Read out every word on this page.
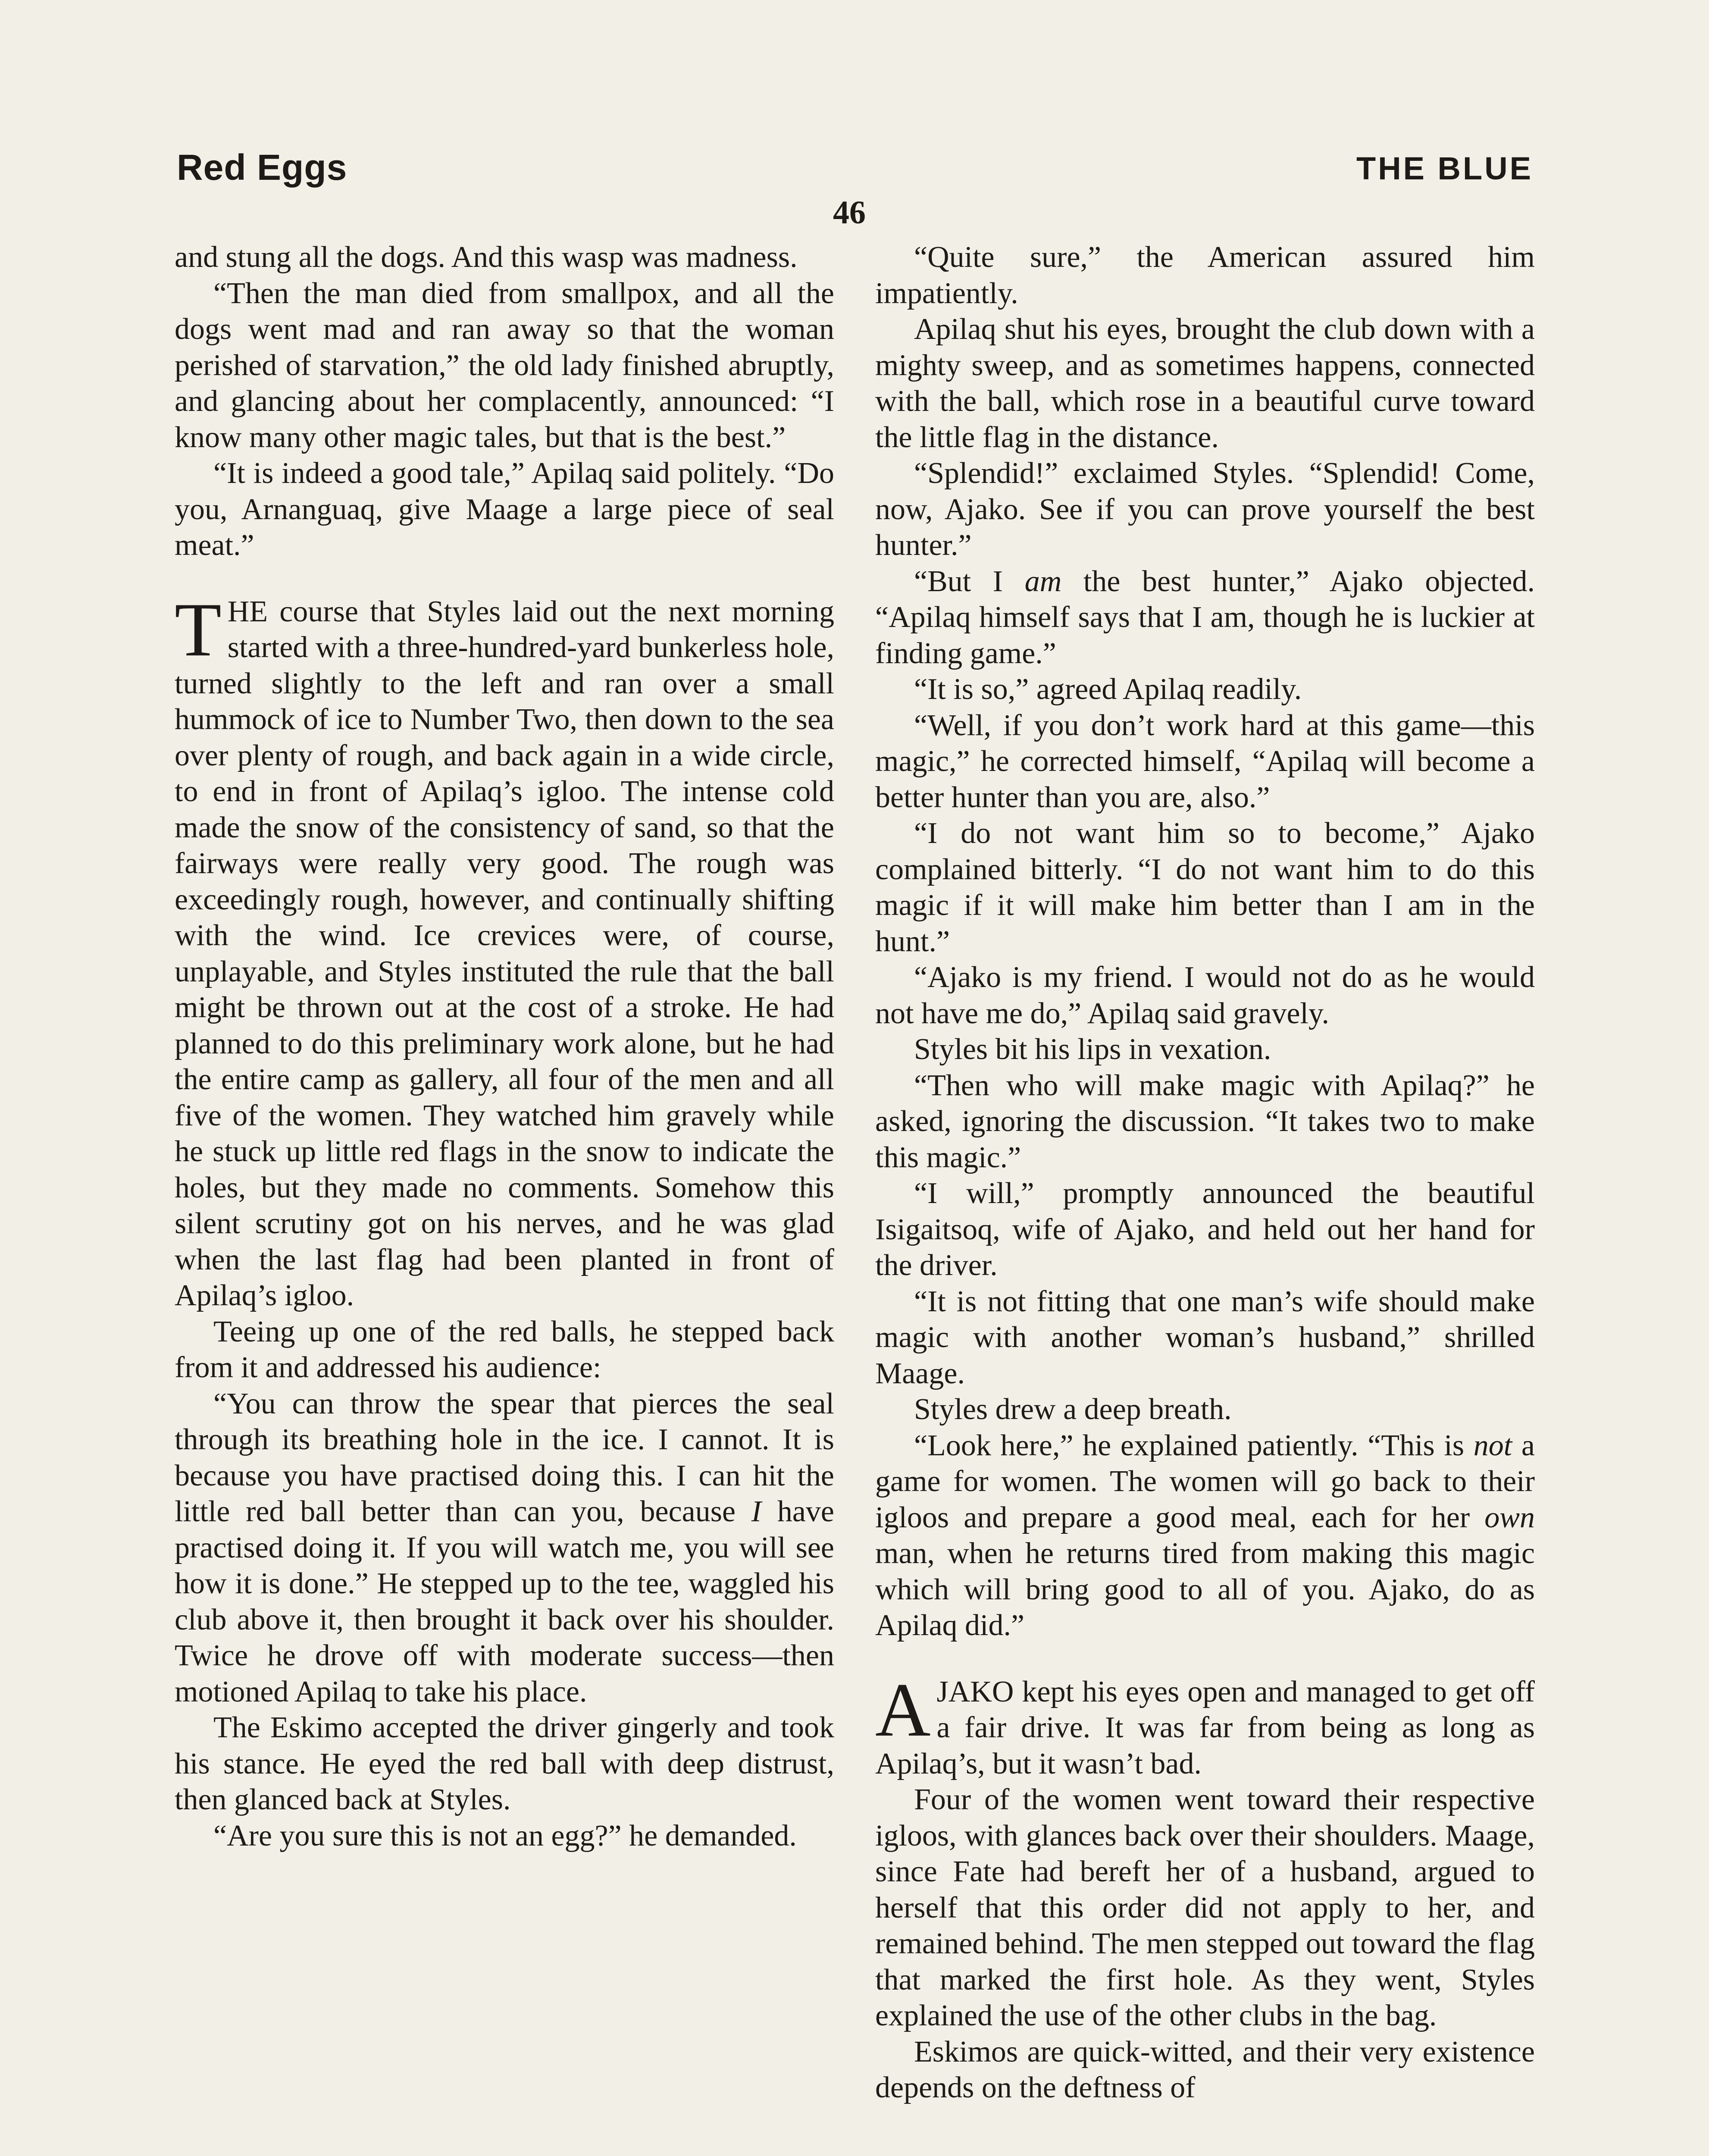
Red Eggs	THE BLUE
46

and stung all the dogs. And this wasp was madness.

“Then the man died from smallpox, and all the dogs went mad and ran away so that the woman perished of starvation,” the old lady finished abruptly, and glancing about her complacently, announced: “I know many other magic tales, but that is the best.”

“It is indeed a good tale,” Apilaq said politely. “Do you, Arnanguaq, give Maage a large piece of seal meat.”

THE course that Styles laid out the next morning started with a three-hundred-yard bunkerless hole, turned slightly to the left and ran over a small hummock of ice to Number Two, then down to the sea over plenty of rough, and back again in a wide circle, to end in front of Apilaq’s igloo. The intense cold made the snow of the consistency of sand, so that the fairways were really very good. The rough was exceedingly rough, however, and continually shifting with the wind. Ice crevices were, of course, unplayable, and Styles instituted the rule that the ball might be thrown out at the cost of a stroke. He had planned to do this preliminary work alone, but he had the entire camp as gallery, all four of the men and all five of the women. They watched him gravely while he stuck up little red flags in the snow to indicate the holes, but they made no comments. Somehow this silent scrutiny got on his nerves, and he was glad when the last flag had been planted in front of Apilaq’s igloo.

Teeing up one of the red balls, he stepped back from it and addressed his audience:

“You can throw the spear that pierces the seal through its breathing hole in the ice. I cannot. It is because you have practised doing this. I can hit the little red ball better than can you, because I have practised doing it. If you will watch me, you will see how it is done.” He stepped up to the tee, waggled his club above it, then brought it back over his shoulder. Twice he drove off with moderate success—then motioned Apilaq to take his place.

The Eskimo accepted the driver gingerly and took his stance. He eyed the red ball with deep distrust, then glanced back at Styles.

“Are you sure this is not an egg?” he demanded.

“Quite sure,” the American assured him impatiently.

Apilaq shut his eyes, brought the club down with a mighty sweep, and as sometimes happens, connected with the ball, which rose in a beautiful curve toward the little flag in the distance.

“Splendid!” exclaimed Styles. “Splendid! Come, now, Ajako. See if you can prove yourself the best hunter.”

“But I am the best hunter,” Ajako objected. “Apilaq himself says that I am, though he is luckier at finding game.”

“It is so,” agreed Apilaq readily.

“Well, if you don’t work hard at this game—this magic,” he corrected himself, “Apilaq will become a better hunter than you are, also.”

“I do not want him so to become,” Ajako complained bitterly. “I do not want him to do this magic if it will make him better than I am in the hunt.”

“Ajako is my friend. I would not do as he would not have me do,” Apilaq said gravely.

Styles bit his lips in vexation.

“Then who will make magic with Apilaq?” he asked, ignoring the discussion. “It takes two to make this magic.”

“I will,” promptly announced the beautiful Isigaitsoq, wife of Ajako, and held out her hand for the driver.

“It is not fitting that one man’s wife should make magic with another woman’s husband,” shrilled Maage.

Styles drew a deep breath.

“Look here,” he explained patiently. “This is not a game for women. The women will go back to their igloos and prepare a good meal, each for her own man, when he returns tired from making this magic which will bring good to all of you. Ajako, do as Apilaq did.”

AJAKO kept his eyes open and managed to get off a fair drive. It was far from being as long as Apilaq’s, but it wasn’t bad.

Four of the women went toward their respective igloos, with glances back over their shoulders. Maage, since Fate had bereft her of a husband, argued to herself that this order did not apply to her, and remained behind. The men stepped out toward the flag that marked the first hole. As they went, Styles explained the use of the other clubs in the bag.

Eskimos are quick-witted, and their very existence depends on the deftness of
